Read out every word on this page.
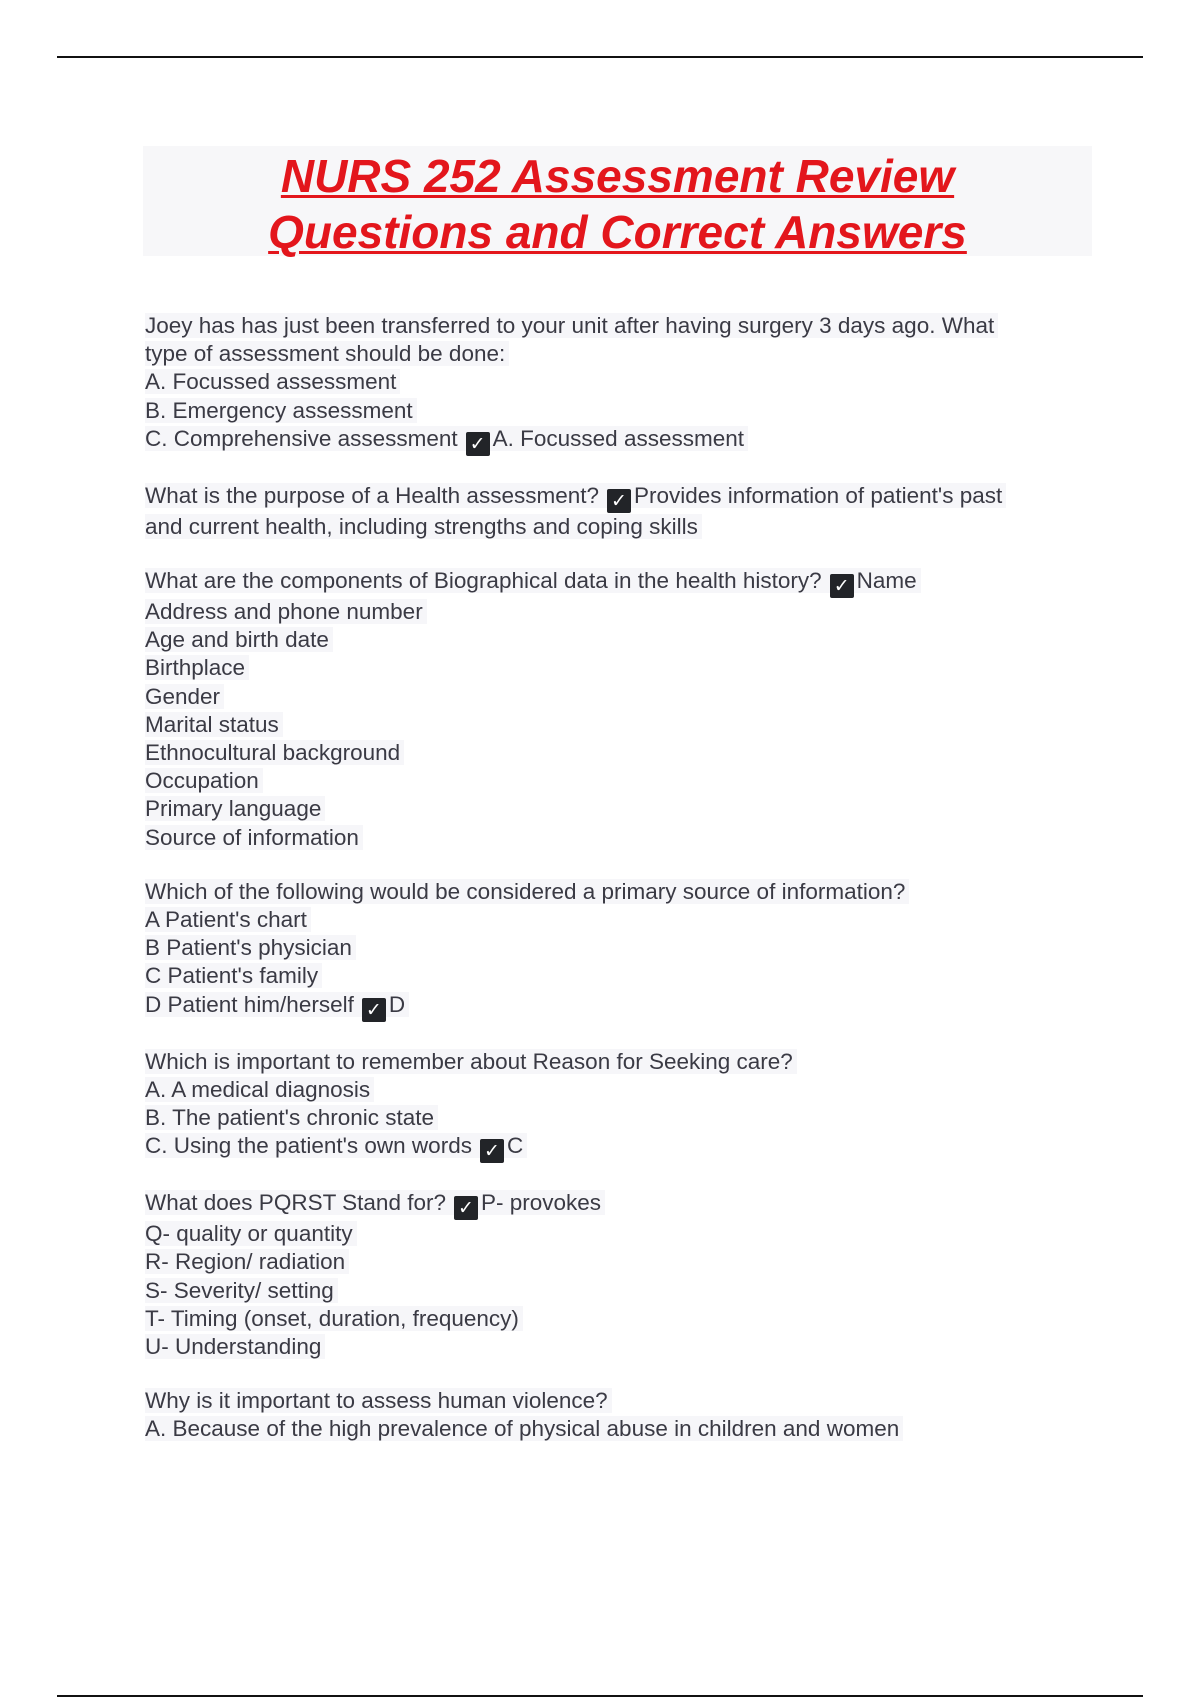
NURS 252 Assessment Review
Questions and Correct Answers
Joey has has just been transferred to your unit after having surgery 3 days ago. What
type of assessment should be done:
A. Focussed assessment
B. Emergency assessment
C. Comprehensive assessment ✓ A. Focussed assessment
What is the purpose of a Health assessment? ✓ Provides information of patient's past
and current health, including strengths and coping skills
What are the components of Biographical data in the health history? ✓ Name
Address and phone number
Age and birth date
Birthplace
Gender
Marital status
Ethnocultural background
Occupation
Primary language
Source of information
Which of the following would be considered a primary source of information?
A Patient's chart
B Patient's physician
C Patient's family
D Patient him/herself ✓ D
Which is important to remember about Reason for Seeking care?
A. A medical diagnosis
B. The patient's chronic state
C. Using the patient's own words ✓ C
What does PQRST Stand for? ✓ P- provokes
Q- quality or quantity
R- Region/ radiation
S- Severity/ setting
T- Timing (onset, duration, frequency)
U- Understanding
Why is it important to assess human violence?
A. Because of the high prevalence of physical abuse in children and women
